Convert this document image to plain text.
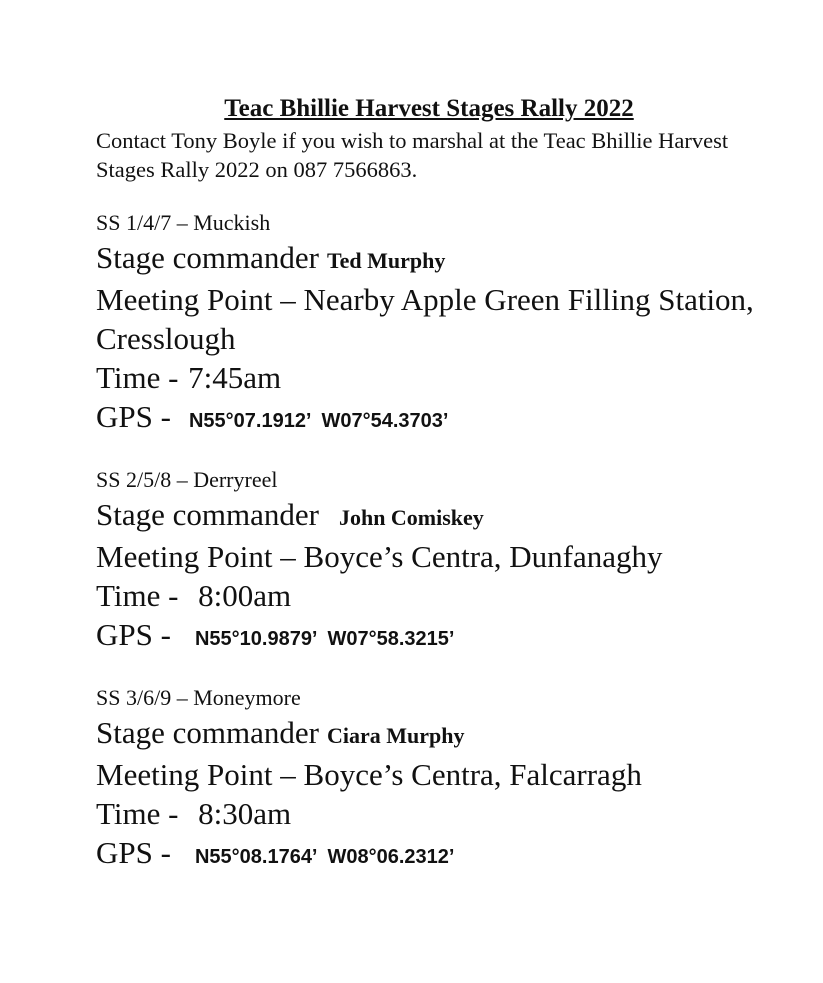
Teac Bhillie Harvest Stages Rally 2022
Contact Tony Boyle if you wish to marshal at the Teac Bhillie Harvest Stages Rally 2022 on 087 7566863.
SS 1/4/7 – Muckish
Stage commander Ted Murphy
Meeting Point – Nearby Apple Green Filling Station, Cresslough
Time - 7:45am
GPS - N55°07.1912’ W07°54.3703’
SS 2/5/8 – Derryreel
Stage commander John Comiskey
Meeting Point – Boyce’s Centra, Dunfanaghy
Time - 8:00am
GPS - N55°10.9879’ W07°58.3215’
SS 3/6/9 – Moneymore
Stage commander Ciara Murphy
Meeting Point – Boyce’s Centra, Falcarragh
Time - 8:30am
GPS - N55°08.1764’ W08°06.2312’
